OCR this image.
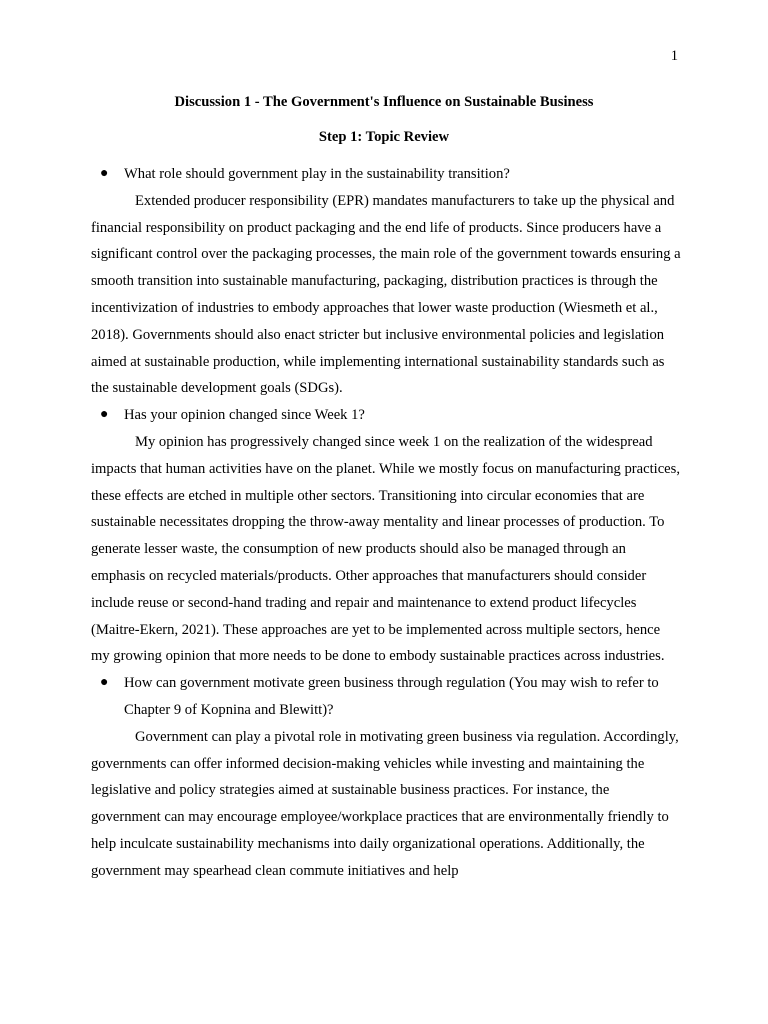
1
Discussion 1 - The Government's Influence on Sustainable Business
Step 1: Topic Review
● What role should government play in the sustainability transition?

Extended producer responsibility (EPR) mandates manufacturers to take up the physical and financial responsibility on product packaging and the end life of products. Since producers have a significant control over the packaging processes, the main role of the government towards ensuring a smooth transition into sustainable manufacturing, packaging, distribution practices is through the incentivization of industries to embody approaches that lower waste production (Wiesmeth et al., 2018). Governments should also enact stricter but inclusive environmental policies and legislation aimed at sustainable production, while implementing international sustainability standards such as the sustainable development goals (SDGs).

● Has your opinion changed since Week 1?

My opinion has progressively changed since week 1 on the realization of the widespread impacts that human activities have on the planet. While we mostly focus on manufacturing practices, these effects are etched in multiple other sectors. Transitioning into circular economies that are sustainable necessitates dropping the throw-away mentality and linear processes of production. To generate lesser waste, the consumption of new products should also be managed through an emphasis on recycled materials/products. Other approaches that manufacturers should consider include reuse or second-hand trading and repair and maintenance to extend product lifecycles (Maitre-Ekern, 2021). These approaches are yet to be implemented across multiple sectors, hence my growing opinion that more needs to be done to embody sustainable practices across industries.

● How can government motivate green business through regulation (You may wish to refer to Chapter 9 of Kopnina and Blewitt)?

Government can play a pivotal role in motivating green business via regulation. Accordingly, governments can offer informed decision-making vehicles while investing and maintaining the legislative and policy strategies aimed at sustainable business practices. For instance, the government can may encourage employee/workplace practices that are environmentally friendly to help inculcate sustainability mechanisms into daily organizational operations. Additionally, the government may spearhead clean commute initiatives and help
